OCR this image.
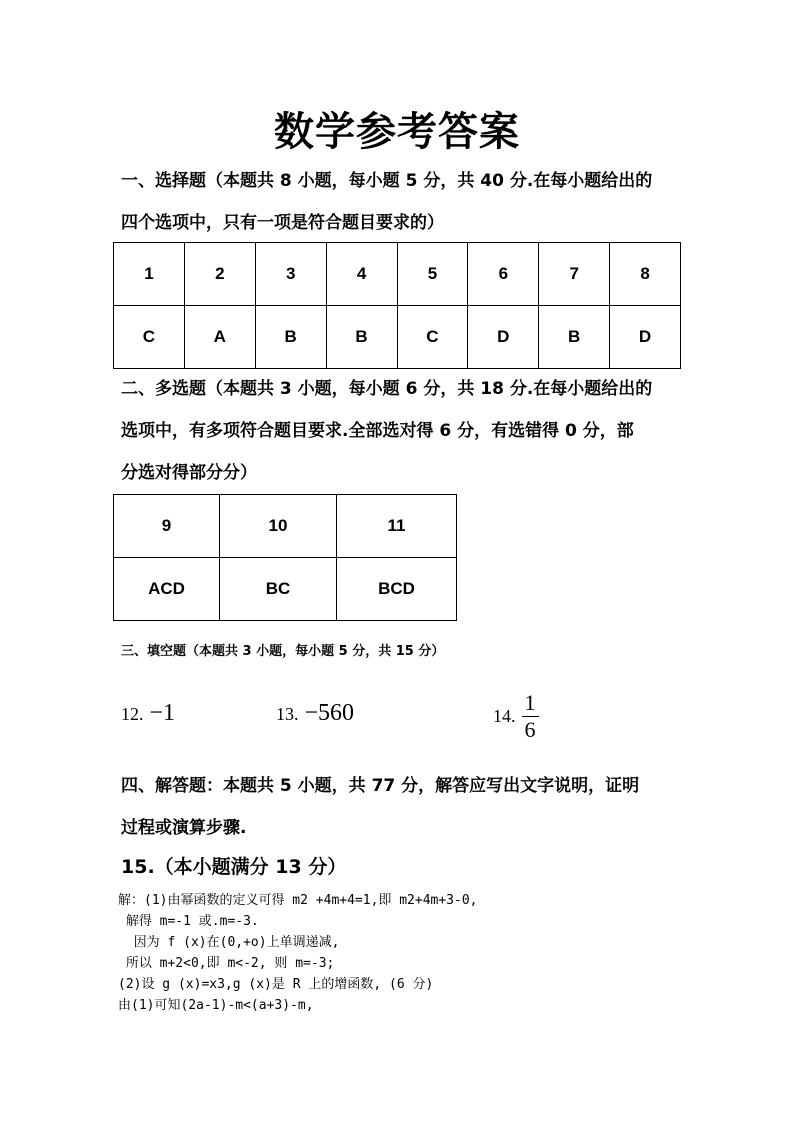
数学参考答案
一、选择题（本题共 8 小题，每小题 5 分，共 40 分.在每小题给出的
四个选项中，只有一项是符合题目要求的）
1	2	3	4	5	6	7	8
C	A	B	B	C	D	B	D
二、多选题（本题共 3 小题，每小题 6 分，共 18 分.在每小题给出的
选项中，有多项符合题目要求.全部选对得 6 分，有选错得 0 分，部
分选对得部分分）
9	10	11
ACD	BC	BCD
三、填空题（本题共 3 小题，每小题 5 分，共 15 分）
12. −1	13. −560	14. $\frac{1}{6}$
四、解答题：本题共 5 小题，共 77 分，解答应写出文字说明，证明
过程或演算步骤.
15.（本小题满分 13 分）
解：(1)由幂函数的定义可得 m2 +4m+4=1,即 m2+4m+3-0,
解得 m=-1 或.m=-3.
因为 f (x)在(0,+o)上单调递减,
所以 m+2<0,即 m<-2, 则 m=-3;
(2)设 g (x)=x3,g (x)是 R 上的增函数, (6 分)
由(1)可知(2a-1)-m<(a+3)-m,
